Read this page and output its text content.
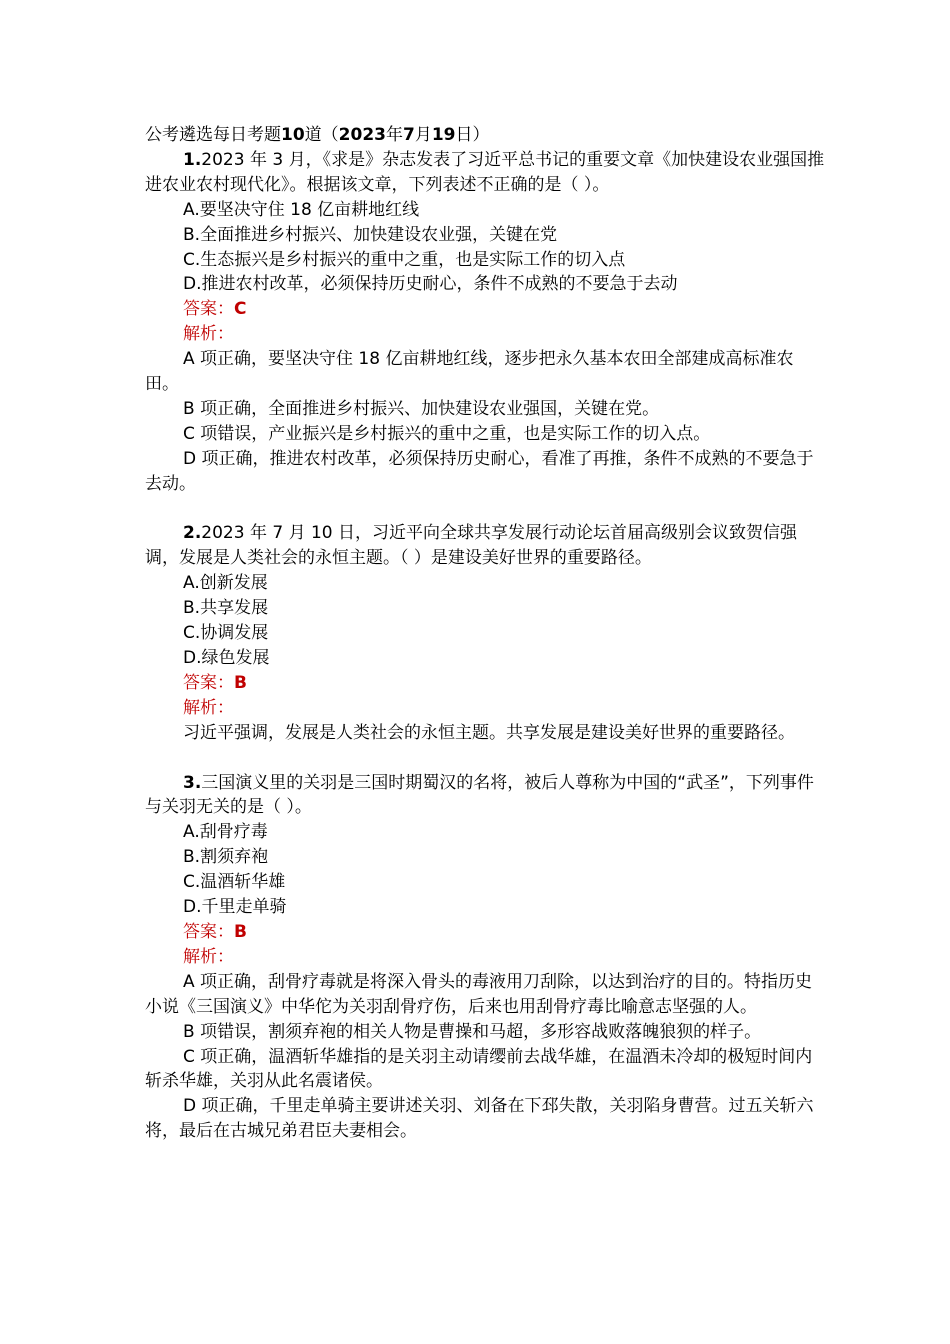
公考遴选每日考题10道（2023年7月19日）

1.2023 年 3 月，《求是》杂志发表了习近平总书记的重要文章《加快建设农业强国推进农业农村现代化》。根据该文章，下列表述不正确的是（ ）。

A.要坚决守住 18 亿亩耕地红线

B.全面推进乡村振兴、加快建设农业强，关键在党

C.生态振兴是乡村振兴的重中之重，也是实际工作的切入点

D.推进农村改革，必须保持历史耐心，条件不成熟的不要急于去动

答案：C

解析：

A 项正确，要坚决守住 18 亿亩耕地红线，逐步把永久基本农田全部建成高标准农田。

B 项正确，全面推进乡村振兴、加快建设农业强国，关键在党。

C 项错误，产业振兴是乡村振兴的重中之重，也是实际工作的切入点。

D 项正确，推进农村改革，必须保持历史耐心，看准了再推，条件不成熟的不要急于去动。

2.2023 年 7 月 10 日，习近平向全球共享发展行动论坛首届高级别会议致贺信强调，发展是人类社会的永恒主题。（ ）是建设美好世界的重要路径。

A.创新发展

B.共享发展

C.协调发展

D.绿色发展

答案：B

解析：

习近平强调，发展是人类社会的永恒主题。共享发展是建设美好世界的重要路径。

3.三国演义里的关羽是三国时期蜀汉的名将，被后人尊称为中国的“武圣”，下列事件与关羽无关的是（ ）。

A.刮骨疗毒

B.割须弃袍

C.温酒斩华雄

D.千里走单骑

答案：B

解析：

A 项正确，刮骨疗毒就是将深入骨头的毒液用刀刮除，以达到治疗的目的。特指历史小说《三国演义》中华佗为关羽刮骨疗伤，后来也用刮骨疗毒比喻意志坚强的人。

B 项错误，割须弃袍的相关人物是曹操和马超，多形容战败落魄狼狈的样子。

C 项正确，温酒斩华雄指的是关羽主动请缨前去战华雄，在温酒未冷却的极短时间内斩杀华雄，关羽从此名震诸侯。

D 项正确，千里走单骑主要讲述关羽、刘备在下邳失散，关羽陷身曹营。过五关斩六将，最后在古城兄弟君臣夫妻相会。
